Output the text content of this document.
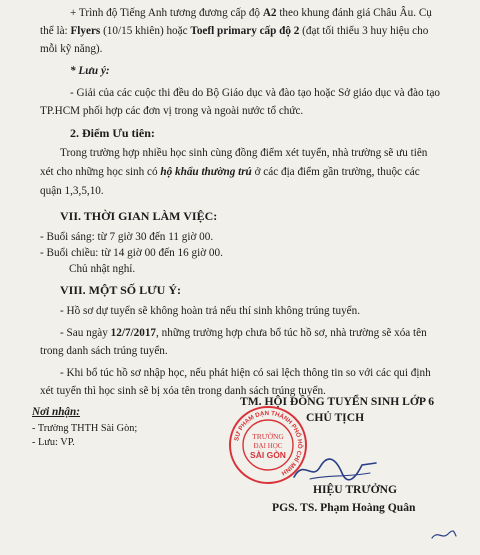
+ Trình độ Tiếng Anh tương đương cấp độ A2 theo khung đánh giá Châu Âu. Cụ
thể là: Flyers (10/15 khiên) hoặc Toefl primary cấp độ 2 (đạt tối thiểu 3 huy hiệu cho
mỗi kỹ năng).
* Lưu ý:
- Giải của các cuộc thi đều do Bộ Giáo dục và đào tạo hoặc Sở giáo dục và đào tạo
TP.HCM phối hợp các đơn vị trong và ngoài nước tổ chức.
2. Điểm Ưu tiên:
Trong trường hợp nhiều học sinh cùng đồng điểm xét tuyển, nhà trường sẽ ưu tiên
xét cho những học sinh có hộ khẩu thường trú ở các địa điểm gần trường, thuộc các
quận 1,3,5,10.
VII. THỜI GIAN LÀM VIỆC:
- Buổi sáng: từ 7 giờ 30 đến 11 giờ 00.
- Buổi chiều: từ 14 giờ 00 đến 16 giờ 00.
Chủ nhật nghỉ.
VIII. MỘT SỐ LƯU Ý:
- Hồ sơ dự tuyển sẽ không hoàn trả nếu thí sinh không trúng tuyển.
- Sau ngày 12/7/2017, những trường hợp chưa bổ túc hồ sơ, nhà trường sẽ xóa tên
trong danh sách trúng tuyển.
- Khi bổ túc hồ sơ nhập học, nếu phát hiện có sai lệch thông tin so với các qui định
xét tuyển thì học sinh sẽ bị xóa tên trong danh sách trúng tuyển.
Nơi nhận:
- Trường THTH Sài Gòn;
- Lưu: VP.
TM. HỘI ĐỒNG TUYỂN SINH LỚP 6
CHỦ TỊCH
SƯ PHẠM DẠN THÀNH PHỐ HỒ CHÍ MINH
TRƯỜNG
ĐẠI HỌC
SÀI GÒN
HIỆU TRƯỞNG
PGS. TS. Phạm Hoàng Quân
